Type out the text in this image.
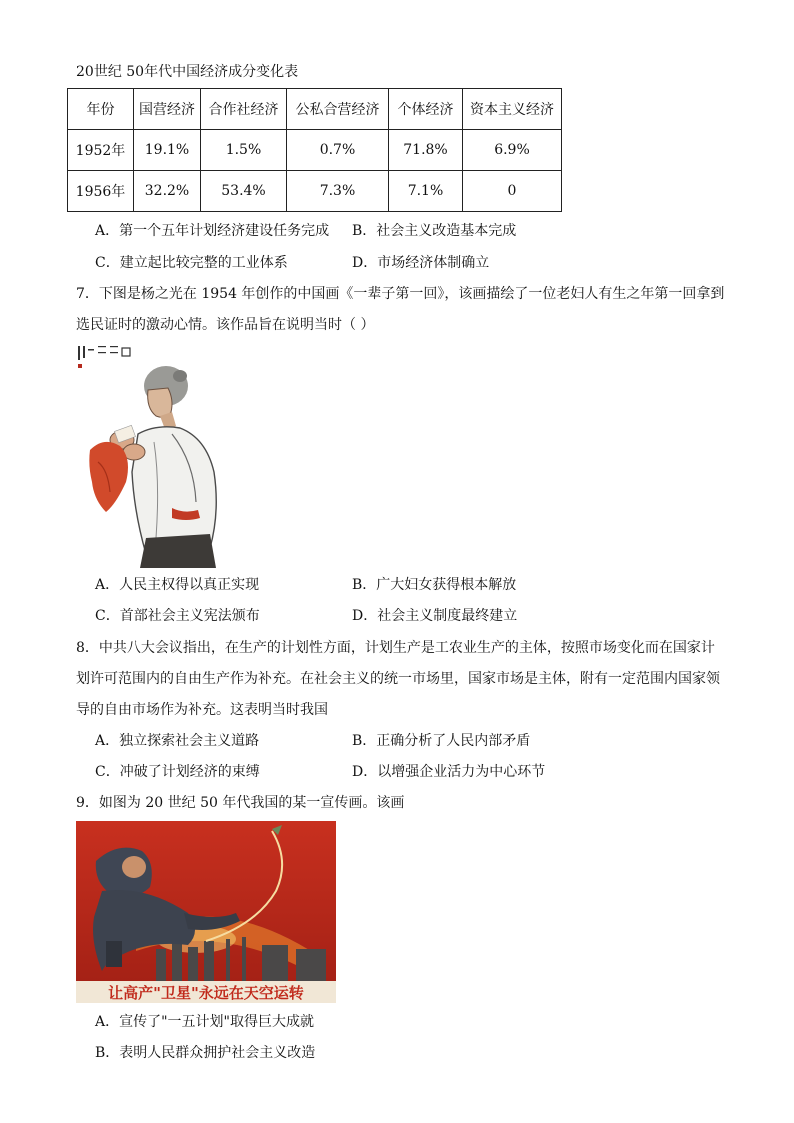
20世纪 50年代中国经济成分变化表
年份	国营经济	合作社经济	公私合营经济	个体经济	资本主义经济
1952年	19.1%	1.5%	0.7%	71.8%	6.9%
1956年	32.2%	53.4%	7.3%	7.1%	0
A．第一个五年计划经济建设任务完成 B．社会主义改造基本完成
C．建立起比较完整的工业体系	D．市场经济体制确立
7．下图是杨之光在 1954 年创作的中国画《一辈子第一回》，该画描绘了一位老妇人有生之年第一回拿到
选民证时的激动心情。该作品旨在说明当时（ ）
A．人民主权得以真正实现	B．广大妇女获得根本解放
C．首部社会主义宪法颁布	D．社会主义制度最终建立
8．中共八大会议指出，在生产的计划性方面，计划生产是工农业生产的主体，按照市场变化而在国家计
划许可范围内的自由生产作为补充。在社会主义的统一市场里，国家市场是主体，附有一定范围内国家领
导的自由市场作为补充。这表明当时我国
A．独立探索社会主义道路	B．正确分析了人民内部矛盾
C．冲破了计划经济的束缚	D．以增强企业活力为中心环节
9．如图为 20 世纪 50 年代我国的某一宣传画。该画
让高产"卫星"永远在天空运转
A．宣传了"一五计划"取得巨大成就
B．表明人民群众拥护社会主义改造
